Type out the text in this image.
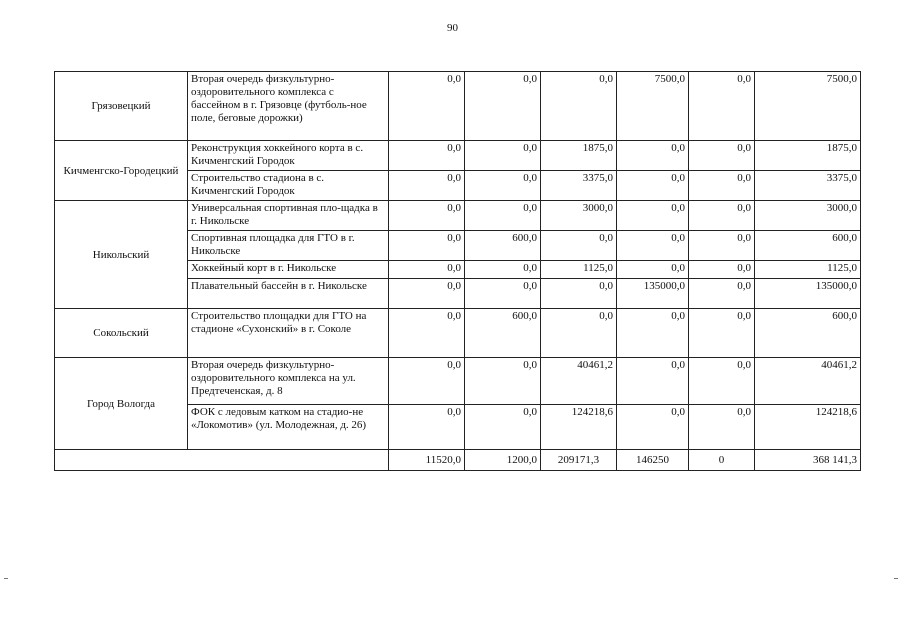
90
Грязовецкий	Вторая очередь физкультурно-оздоровительного комплекса с бассейном в г. Грязовце (футболь-ное поле, беговые дорожки)	0,0	0,0	0,0	7500,0	0,0	7500,0
Кичменгско-Городецкий	Реконструкция хоккейного корта в с. Кичменгский Городок	0,0	0,0	1875,0	0,0	0,0	1875,0
	Строительство стадиона в с. Кичменгский Городок	0,0	0,0	3375,0	0,0	0,0	3375,0
Никольский	Универсальная спортивная пло-щадка в г. Никольске	0,0	0,0	3000,0	0,0	0,0	3000,0
	Спортивная площадка для ГТО в г. Никольске	0,0	600,0	0,0	0,0	0,0	600,0
	Хоккейный корт в г. Никольске	0,0	0,0	1125,0	0,0	0,0	1125,0
	Плавательный бассейн в г. Никольске	0,0	0,0	0,0	135000,0	0,0	135000,0
Сокольский	Строительство площадки для ГТО на стадионе «Сухонский» в г. Соколе	0,0	600,0	0,0	0,0	0,0	600,0
Город Вологда	Вторая очередь физкультурно-оздоровительного комплекса на ул. Предтеченская, д. 8	0,0	0,0	40461,2	0,0	0,0	40461,2
	ФОК с ледовым катком на стадио-не «Локомотив» (ул. Молодежная, д. 26)	0,0	0,0	124218,6	0,0	0,0	124218,6
		11520,0	1200,0	209171,3	146250	0	368 141,3
